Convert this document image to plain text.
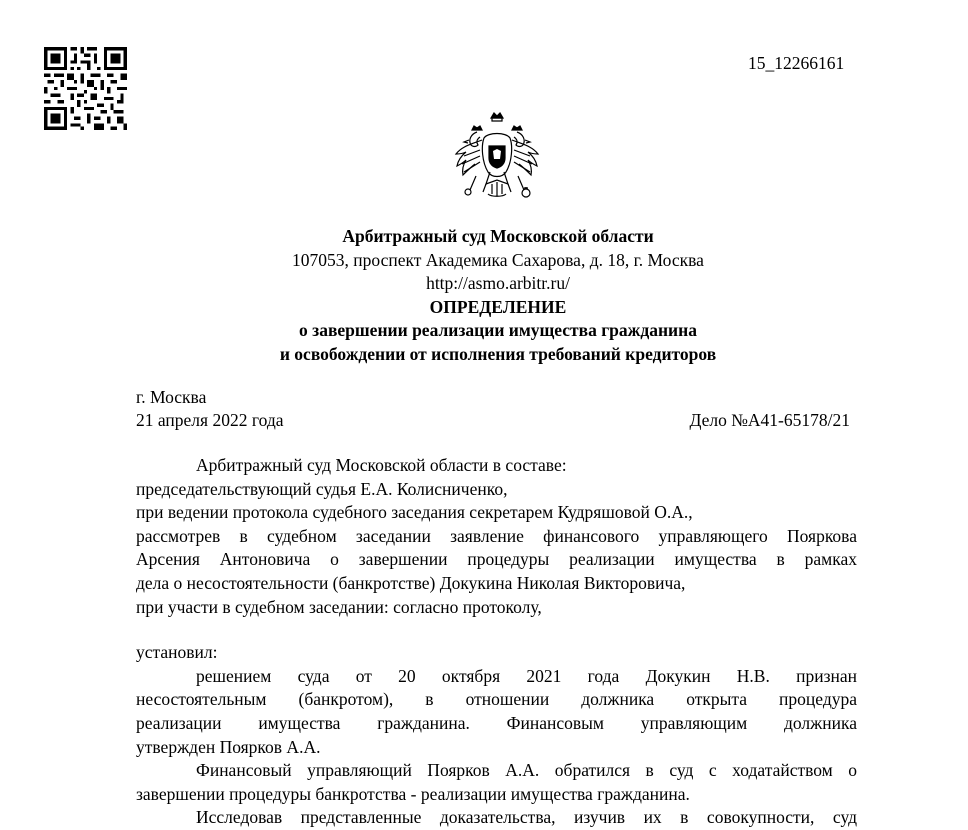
15_12266161
Арбитражный суд Московской области
107053, проспект Академика Сахарова, д. 18, г. Москва
http://asmo.arbitr.ru/
ОПРЕДЕЛЕНИЕ
о завершении реализации имущества гражданина
и освобождении от исполнения требований кредиторов
г. Москва
21 апреля 2022 года	Дело №А41-65178/21
Арбитражный суд Московской области в составе:
председательствующий судья Е.А. Колисниченко,
при ведении протокола судебного заседания секретарем Кудряшовой О.А.,
рассмотрев в судебном заседании заявление финансового управляющего Пояркова
Арсения Антоновича о завершении процедуры реализации имущества в рамках
дела о несостоятельности (банкротстве) Докукина Николая Викторовича,
при участи в судебном заседании: согласно протоколу,
установил:
решением суда от 20 октября 2021 года Докукин Н.В. признан
несостоятельным (банкротом), в отношении должника открыта процедура
реализации имущества гражданина. Финансовым управляющим должника
утвержден Поярков А.А.
Финансовый управляющий Поярков А.А. обратился в суд с ходатайством о
завершении процедуры банкротства - реализации имущества гражданина.
Исследовав представленные доказательства, изучив их в совокупности, суд
